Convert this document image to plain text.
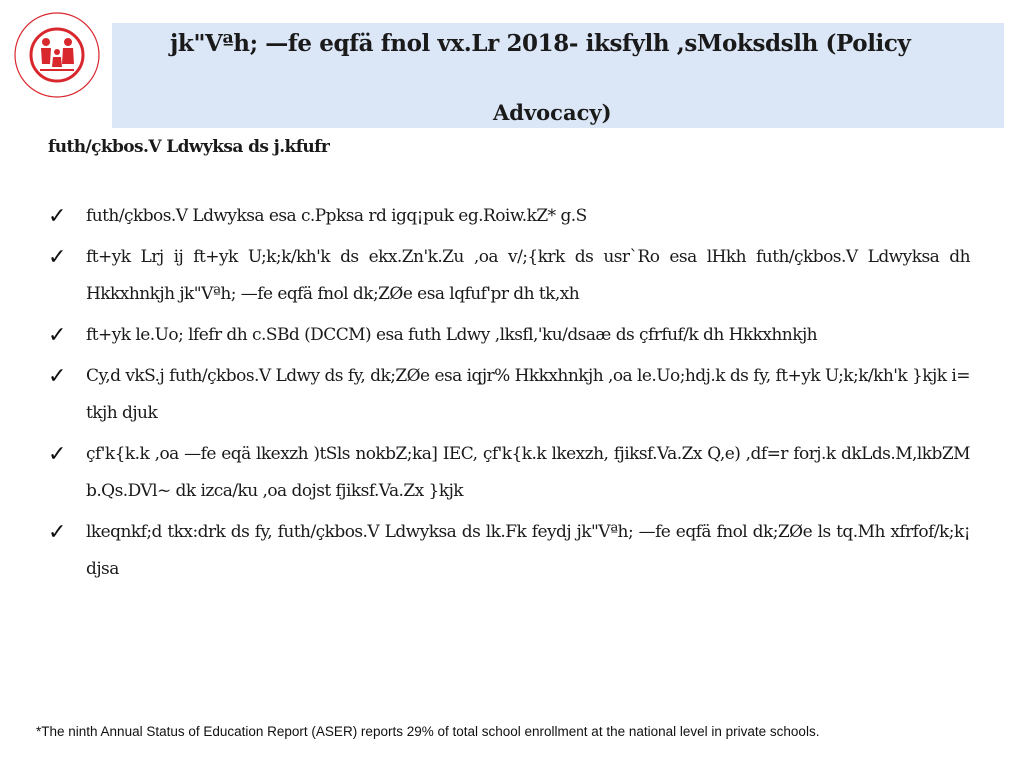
jk"Vªh; —fe eqfä fnol vx.Lr 2018- iksfylh ,sMoksdslh (Policy
Advocacy)
futh/çkbos.V Ldwyksa ds j.kfufr
✓ futh/çkbos.V Ldwyksa esa c.Ppksa rd igq¡puk eg.Roiw.kZ* g.S
✓ ft+yk Lrj ij ft+yk U;k;k/kh'k ds ekx.Zn'k.Zu ,oa v/;{krk ds usr`Ro esa lHkh futh/çkbos.V Ldwyksa dh Hkkxhnkjh jk"Vªh; —fe eqfä fnol dk;ZØe esa lqfuf'pr dh tk,xh
✓ ft+yk le.Uo; lfefr dh c.SBd (DCCM) esa futh Ldwy ,lksfl,'ku/dsaæ ds çfrfuf/k dh Hkkxhnkjh
✓ Cy,d vkS.j futh/çkbos.V Ldwy ds fy, dk;ZØe esa iqjr% Hkkxhnkjh ,oa le.Uo;hdj.k ds fy, ft+yk U;k;k/kh'k }kjk i= tkjh djuk
✓ çf'k{k.k ,oa —fe eqä lkexzh )tSls nokbZ;ka] IEC, çf'k{k.k lkexzh, fjiksf.Va.Zx Q,e) ,df=r forj.k dkLds.M,lkbZM b.Qs.DVl~ dk izca/ku ,oa dojst fjiksf.Va.Zx }kjk
✓ lkeqnkf;d tkx:drk ds fy, futh/çkbos.V Ldwyksa ds lk.Fk feydj jk"Vªh; —fe eqfä fnol dk;ZØe ls tq.Mh xfrfof/k;k¡ djsa
*The ninth Annual Status of Education Report (ASER) reports 29% of total school enrollment at the national level in private schools.
